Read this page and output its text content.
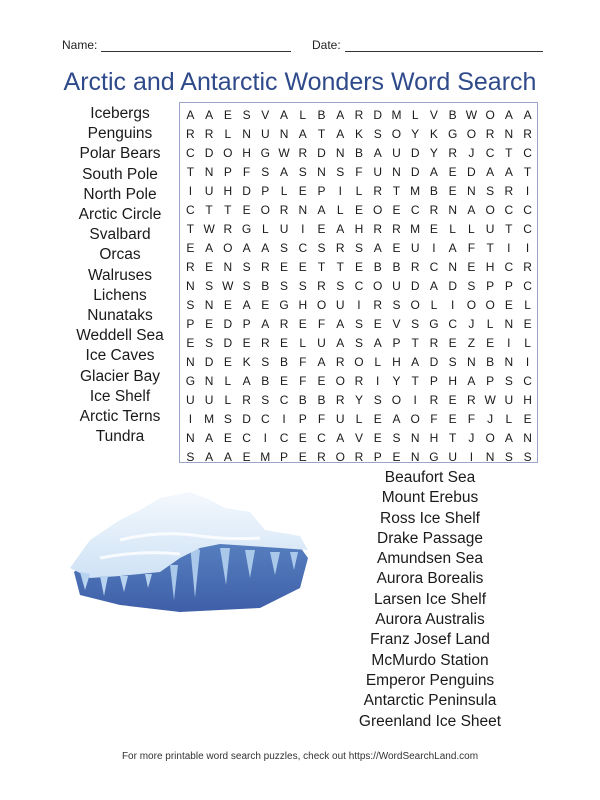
Name:	Date:
Arctic and Antarctic Wonders Word Search
A A E S V A L B A R D M L V B W O A A
R R L N U N A T A K S O Y K G O R N R
C D O H G W R D N B A U D Y R J C T C
T N P F S A S N S F U N D A E D A A T
I	U H D P L E P	I	L R T M B E N S R	I
C T T E O R N A L E O E C R N A O C C
T W R G L U	I	E A H R R M E L	L U T C
E A O A A S C S R S A E U	I	A F T	I	I
R E N S R E E T T E B B R C N E H C R
N S W S B S S R S C O U D A D S P P C
S N E A E G H O U	I	R S O L	I	O O E L
P E D P A R E F A S E V S G C J	L N E
E S D E R E L U A S A P T R E Z E	I	L
N D E K S B F A R O L H A D S N B N	I
G N L A B E F E O R	I	Y T P H A P S C
U U L R S C B B R Y S O	I	R E R W U H
I	M S D C	I	P F U L E A O F E F	J	L E
N A E C	I	C E C A V E S N H T	J O A N
S A A E M P E R O R P E N G U	I	N S S
Icebergs
Penguins
Polar Bears
South Pole
North Pole
Arctic Circle
Svalbard
Orcas
Walruses
Lichens
Nunataks
Weddell Sea
Ice Caves
Glacier Bay
Ice Shelf
Arctic Terns
Tundra
Beaufort Sea
Mount Erebus
Ross Ice Shelf
Drake Passage
Amundsen Sea
Aurora Borealis
Larsen Ice Shelf
Aurora Australis
Franz Josef Land
McMurdo Station
Emperor Penguins
Antarctic Peninsula
Greenland Ice Sheet
For more printable word search puzzles, check out https://WordSearchLand.com
